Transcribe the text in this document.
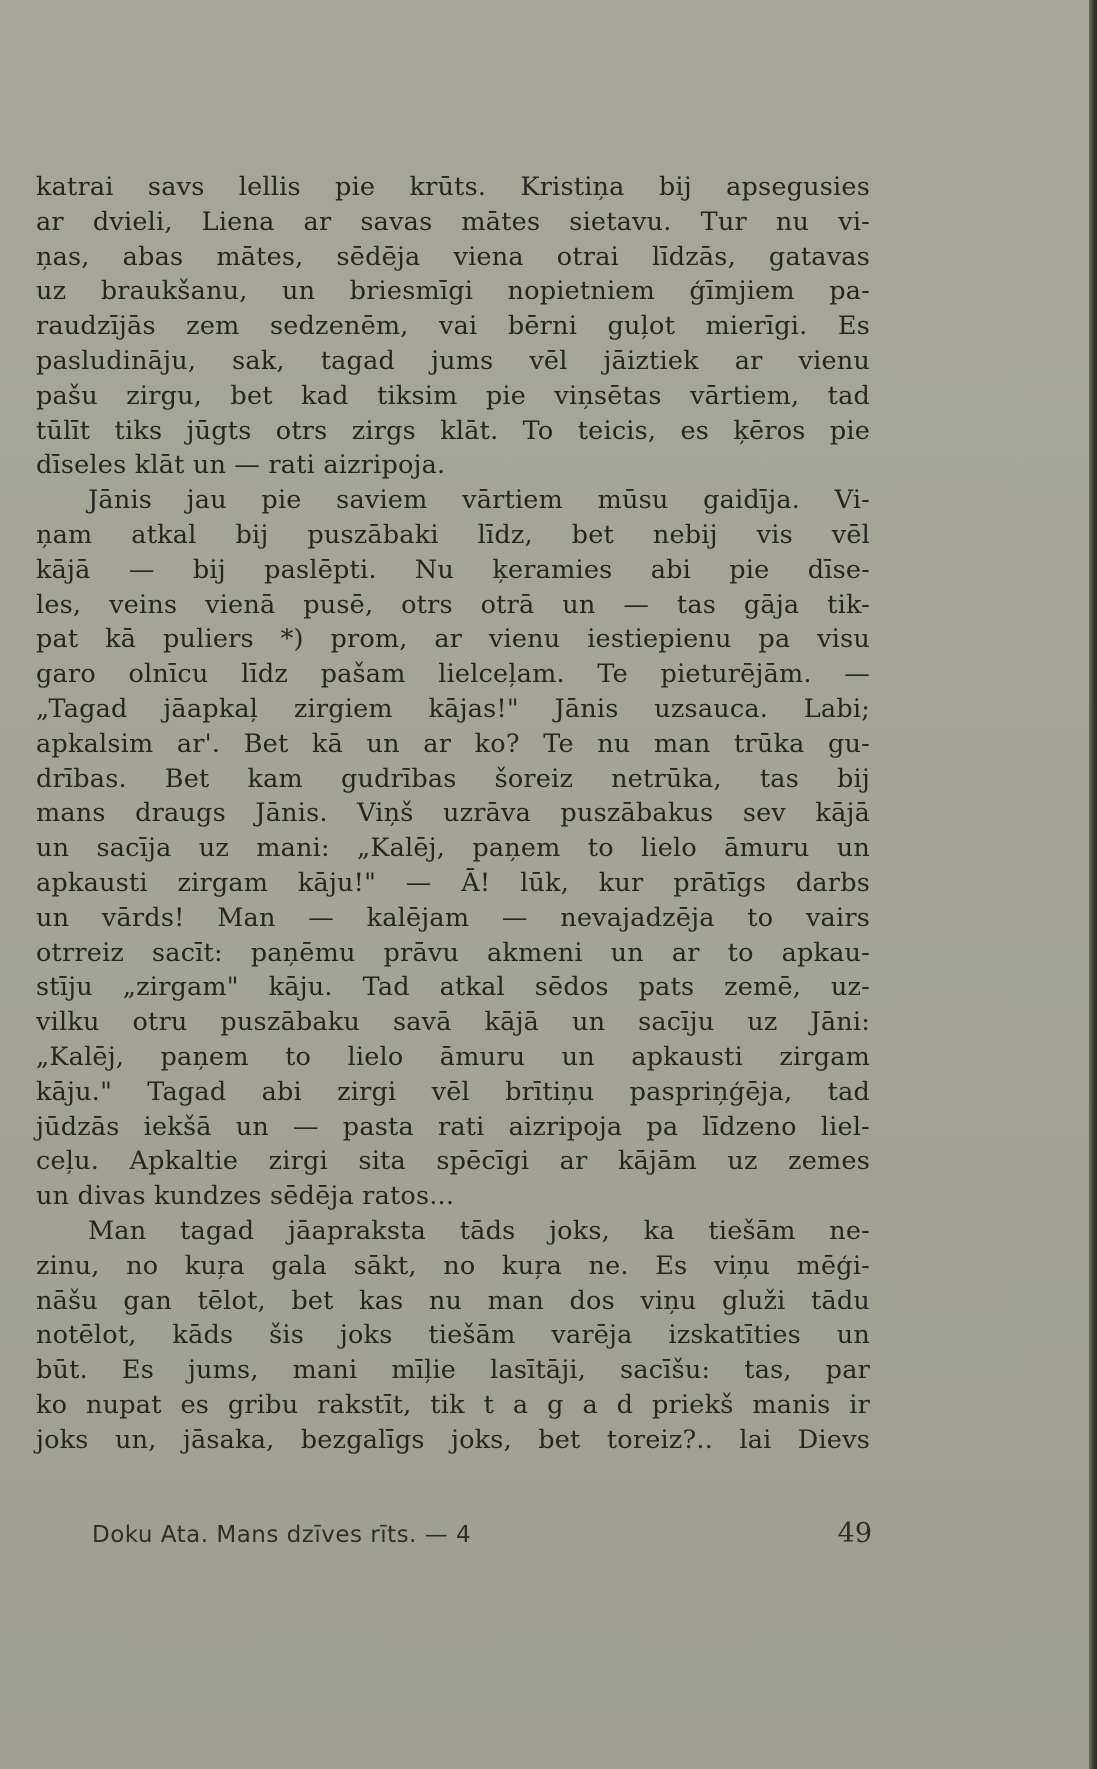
katrai savs lellis pie krūts. Kristiņa bij apsegusies
ar dvieli, Liena ar savas mātes sietavu. Tur nu vi-
ņas, abas mātes, sēdēja viena otrai līdzās, gatavas
uz braukšanu, un briesmīgi nopietniem ģīmjiem pa-
raudzījās zem sedzenēm, vai bērni guļot mierīgi. Es
pasludināju, sak, tagad jums vēl jāiztiek ar vienu
pašu zirgu, bet kad tiksim pie viņsētas vārtiem, tad
tūlīt tiks jūgts otrs zirgs klāt. To teicis, es ķēros pie
dīseles klāt un — rati aizripoja.
Jānis jau pie saviem vārtiem mūsu gaidīja. Vi-
ņam atkal bij puszābaki līdz, bet nebij vis vēl
kājā — bij paslēpti. Nu ķeramies abi pie dīse-
les, veins vienā pusē, otrs otrā un — tas gāja tik-
pat kā puliers *) prom, ar vienu iestiepienu pa visu
garo olnīcu līdz pašam lielceļam. Te pieturējām. —
„Tagad jāapkaļ zirgiem kājas!" Jānis uzsauca. Labi;
apkalsim ar'. Bet kā un ar ko? Te nu man trūka gu-
drības. Bet kam gudrības šoreiz netrūka, tas bij
mans draugs Jānis. Viņš uzrāva puszābakus sev kājā
un sacīja uz mani: „Kalēj, paņem to lielo āmuru un
apkausti zirgam kāju!" — Ā! lūk, kur prātīgs darbs
un vārds! Man — kalējam — nevajadzēja to vairs
otrreiz sacīt: paņēmu prāvu akmeni un ar to apkau-
stīju „zirgam" kāju. Tad atkal sēdos pats zemē, uz-
vilku otru puszābaku savā kājā un sacīju uz Jāni:
„Kalēj, paņem to lielo āmuru un apkausti zirgam
kāju." Tagad abi zirgi vēl brītiņu paspriņģēja, tad
jūdzās iekšā un — pasta rati aizripoja pa līdzeno liel-
ceļu. Apkaltie zirgi sita spēcīgi ar kājām uz zemes
un divas kundzes sēdēja ratos...
Man tagad jāapraksta tāds joks, ka tiešām ne-
zinu, no kuŗa gala sākt, no kuŗa ne. Es viņu mēģi-
nāšu gan tēlot, bet kas nu man dos viņu gluži tādu
notēlot, kāds šis joks tiešām varēja izskatīties un
būt. Es jums, mani mīļie lasītāji, sacīšu: tas, par
ko nupat es gribu rakstīt, tik t a g a d priekš manis ir
joks un, jāsaka, bezgalīgs joks, bet toreiz?.. lai Dievs
Doku Ata. Mans dzīves rīts. — 4	49
